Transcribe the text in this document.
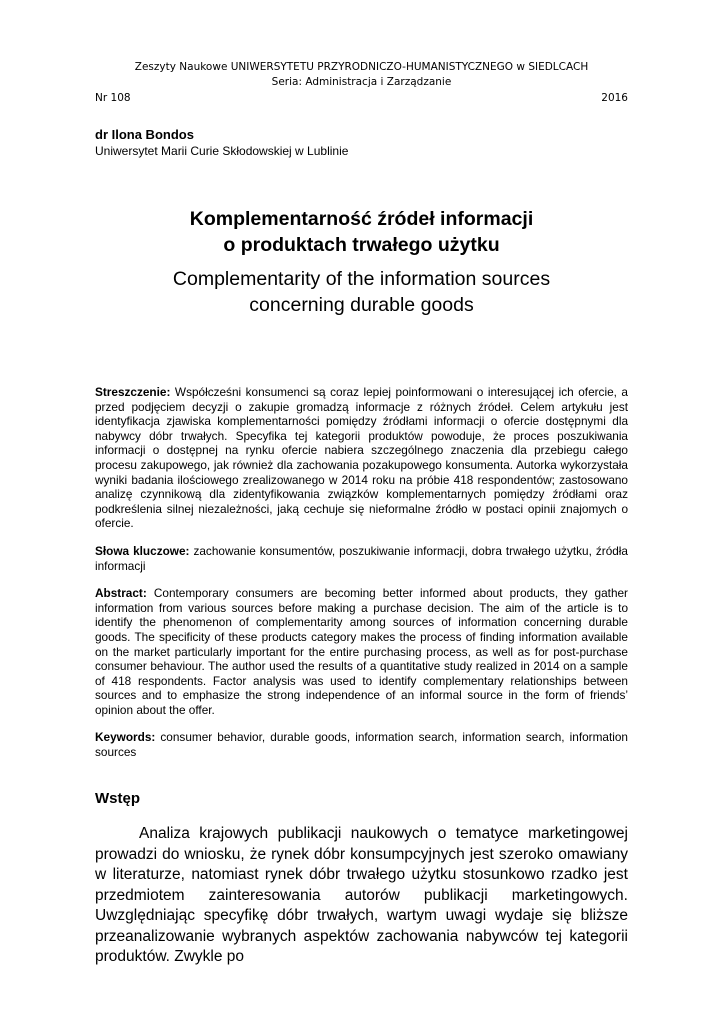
Zeszyty Naukowe UNIWERSYTETU PRZYRODNICZO-HUMANISTYCZNEGO w SIEDLCACH
Seria: Administracja i Zarządzanie
Nr 108	2016
dr Ilona Bondos
Uniwersytet Marii Curie Skłodowskiej w Lublinie
Komplementarność źródeł informacji
o produktach trwałego użytku
Complementarity of the information sources
concerning durable goods

Streszczenie: Współcześni konsumenci są coraz lepiej poinformowani o interesującej ich ofercie, a przed podjęciem decyzji o zakupie gromadzą informacje z różnych źródeł. Celem artykułu jest identyfikacja zjawiska komplementarności pomiędzy źródłami informacji o ofercie dostępnymi dla nabywcy dóbr trwałych. Specyfika tej kategorii produktów powoduje, że proces poszukiwania informacji o dostępnej na rynku ofercie nabiera szczególnego znaczenia dla przebiegu całego procesu zakupowego, jak również dla zachowania pozakupowego konsumenta. Autorka wykorzystała wyniki badania ilościowego zrealizowanego w 2014 roku na próbie 418 respondentów; zastosowano analizę czynnikową dla zidentyfikowania związków komplementarnych pomiędzy źródłami oraz podkreślenia silnej niezależności, jaką cechuje się nieformalne źródło w postaci opinii znajomych o ofercie.

Słowa kluczowe: zachowanie konsumentów, poszukiwanie informacji, dobra trwałego użytku, źródła informacji

Abstract: Contemporary consumers are becoming better informed about products, they gather information from various sources before making a purchase decision. The aim of the article is to identify the phenomenon of complementarity among sources of information concerning durable goods. The specificity of these products category makes the process of finding information available on the market particularly important for the entire purchasing process, as well as for post-purchase consumer behaviour. The author used the results of a quantitative study realized in 2014 on a sample of 418 respondents. Factor analysis was used to identify complementary relationships between sources and to emphasize the strong independence of an informal source in the form of friends’ opinion about the offer.

Keywords: consumer behavior, durable goods, information search, information search, information sources

Wstęp

Analiza krajowych publikacji naukowych o tematyce marketingowej prowadzi do wniosku, że rynek dóbr konsumpcyjnych jest szeroko omawiany w literaturze, natomiast rynek dóbr trwałego użytku stosunkowo rzadko jest przedmiotem zainteresowania autorów publikacji marketingowych. Uwzględniając specyfikę dóbr trwałych, wartym uwagi wydaje się bliższe przeanalizowanie wybranych aspektów zachowania nabywców tej kategorii produktów. Zwykle po
